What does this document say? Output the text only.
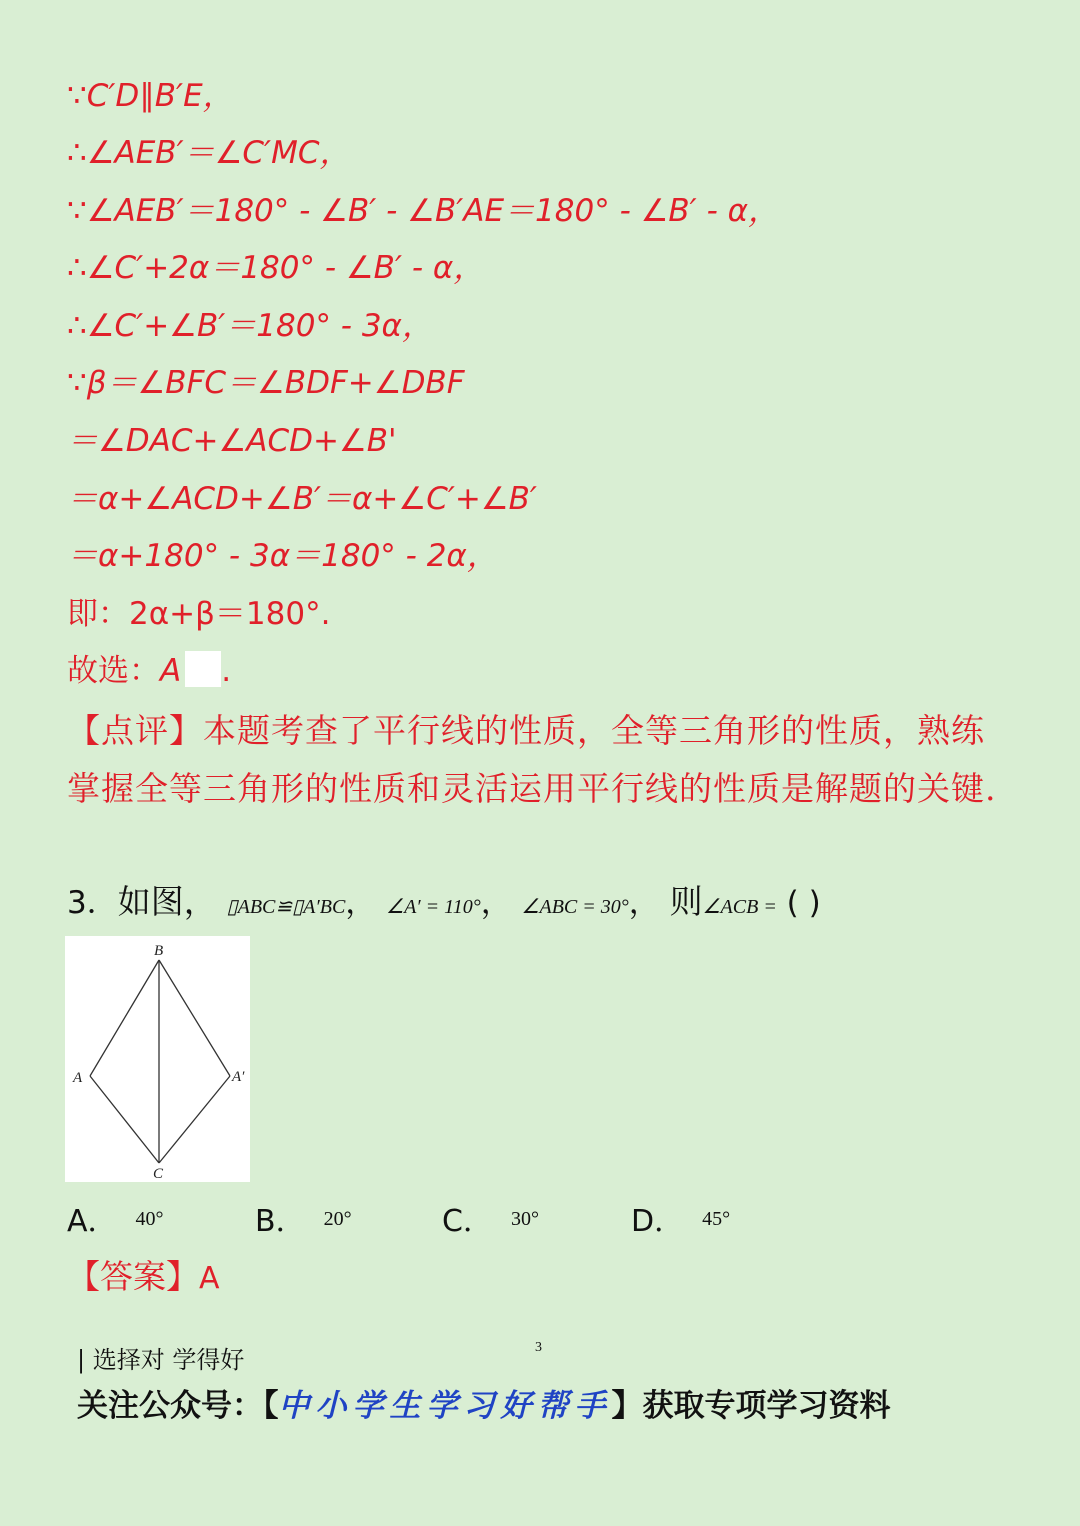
∵C′D∥B′E，
∴∠AEB′＝∠C′MC，
∵∠AEB′＝180° - ∠B′ - ∠B′AE＝180° - ∠B′ - α，
∴∠C′+2α＝180° - ∠B′ - α，
∴∠C′+∠B′＝180° - 3α，
∵β＝∠BFC＝∠BDF+∠DBF
＝∠DAC+∠ACD+∠B'
＝α+∠ACD+∠B′＝α+∠C′+∠B′
＝α+180° - 3α＝180° - 2α，
即：2α+β＝180°.
故选：A .
【点评】本题考查了平行线的性质，全等三角形的性质，熟练掌握全等三角形的性质和灵活运用平行线的性质是解题的关键.
3．如图， ▯ABC≌▯A′BC， ∠A′ = 110°， ∠ABC = 30°， 则∠ACB = ( )
B
A	A′
C
A． $^{40^\circ}$	B． $^{20^\circ}$	C． $^{30^\circ}$	D． $^{45^\circ}$
【答案】A
| 选择对 学得好	3
关注公众号：【中小学生学习好帮手】获取专项学习资料
